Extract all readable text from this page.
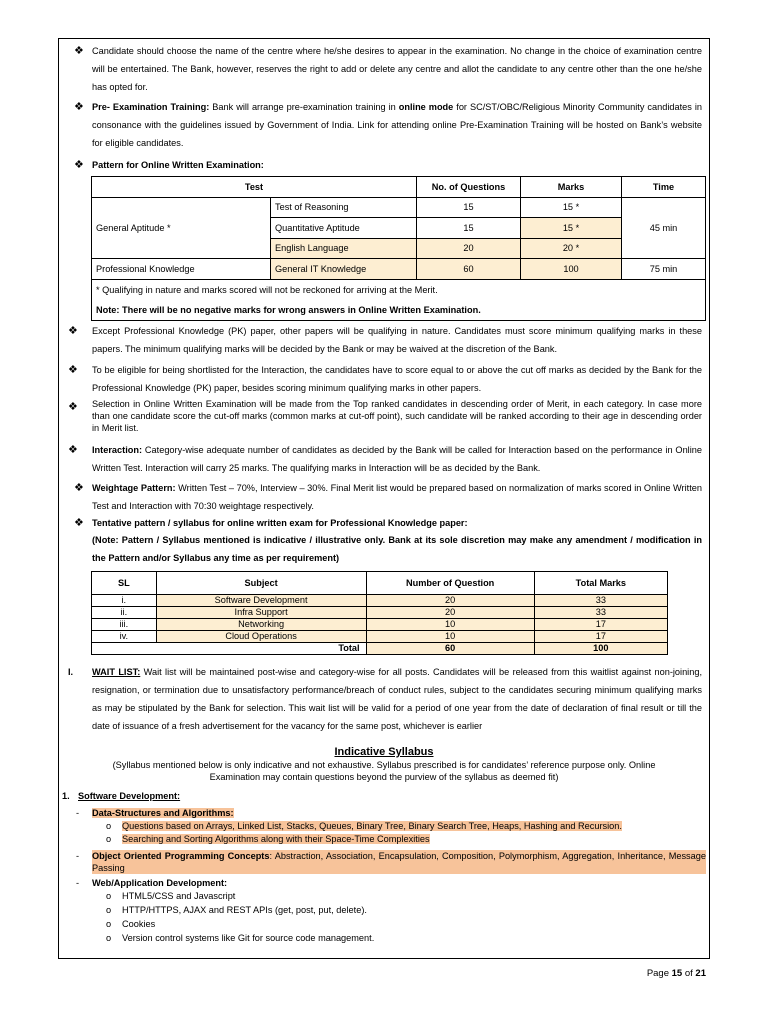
❖ Candidate should choose the name of the centre where he/she desires to appear in the examination. No change in the choice of examination centre will be entertained. The Bank, however, reserves the right to add or delete any centre and allot the candidate to any centre other than the one he/she has opted for.
❖ Pre- Examination Training: Bank will arrange pre-examination training in online mode for SC/ST/OBC/Religious Minority Community candidates in consonance with the guidelines issued by Government of India. Link for attending online Pre-Examination Training will be hosted on Bank’s website for eligible candidates.
❖ Pattern for Online Written Examination:
Test		No. of Questions	Marks	Time
General Aptitude *	Test of Reasoning	15	15 *	45 min
	Quantitative Aptitude	15	15 *	
	English Language	20	20 *	
Professional Knowledge	General IT Knowledge	60	100	75 min

* Qualifying in nature and marks scored will not be reckoned for arriving at the Merit.
Note: There will be no negative marks for wrong answers in Online Written Examination.				
❖ Except Professional Knowledge (PK) paper, other papers will be qualifying in nature. Candidates must score minimum qualifying marks in these papers. The minimum qualifying marks will be decided by the Bank or may be waived at the discretion of the Bank.
❖ To be eligible for being shortlisted for the Interaction, the candidates have to score equal to or above the cut off marks as decided by the Bank for the Professional Knowledge (PK) paper, besides scoring minimum qualifying marks in other papers.
❖ Selection in Online Written Examination will be made from the Top ranked candidates in descending order of Merit, in each category. In case more than one candidate score the cut-off marks (common marks at cut-off point), such candidate will be ranked according to their age in descending order in Merit list.
❖ Interaction: Category-wise adequate number of candidates as decided by the Bank will be called for Interaction based on the performance in Online Written Test. Interaction will carry 25 marks. The qualifying marks in Interaction will be as decided by the Bank.
❖ Weightage Pattern: Written Test – 70%, Interview – 30%. Final Merit list would be prepared based on normalization of marks scored in Online Written Test and Interaction with 70:30 weightage respectively.
❖ Tentative pattern / syllabus for online written exam for Professional Knowledge paper:
(Note: Pattern / Syllabus mentioned is indicative / illustrative only. Bank at its sole discretion may make any amendment / modification in the Pattern and/or Syllabus any time as per requirement)
SL	Subject	Number of Question	Total Marks
i.	Software Development	20	33
ii.	Infra Support	20	33
iii.	Networking	10	17
iv.	Cloud Operations	10	17
Total		60	100
I. WAIT LIST: Wait list will be maintained post-wise and category-wise for all posts. Candidates will be released from this waitlist against non-joining, resignation, or termination due to unsatisfactory performance/breach of conduct rules, subject to the candidates securing minimum qualifying marks as may be stipulated by the Bank for selection. This wait list will be valid for a period of one year from the date of declaration of final result or till the date of issuance of a fresh advertisement for the vacancy for the same post, whichever is earlier
Indicative Syllabus
(Syllabus mentioned below is only indicative and not exhaustive. Syllabus prescribed is for candidates’ reference purpose only. Online
Examination may contain questions beyond the purview of the syllabus as deemed fit)
1. Software Development:
- Data-Structures and Algorithms:
o Questions based on Arrays, Linked List, Stacks, Queues, Binary Tree, Binary Search Tree, Heaps, Hashing and Recursion.
o Searching and Sorting Algorithms along with their Space-Time Complexities
- Object Oriented Programming Concepts: Abstraction, Association, Encapsulation, Composition, Polymorphism, Aggregation, Inheritance, Message Passing
- Web/Application Development:
o HTML5/CSS and Javascript
o HTTP/HTTPS, AJAX and REST APIs (get, post, put, delete).
o Cookies
o Version control systems like Git for source code management.
Page 15 of 21
